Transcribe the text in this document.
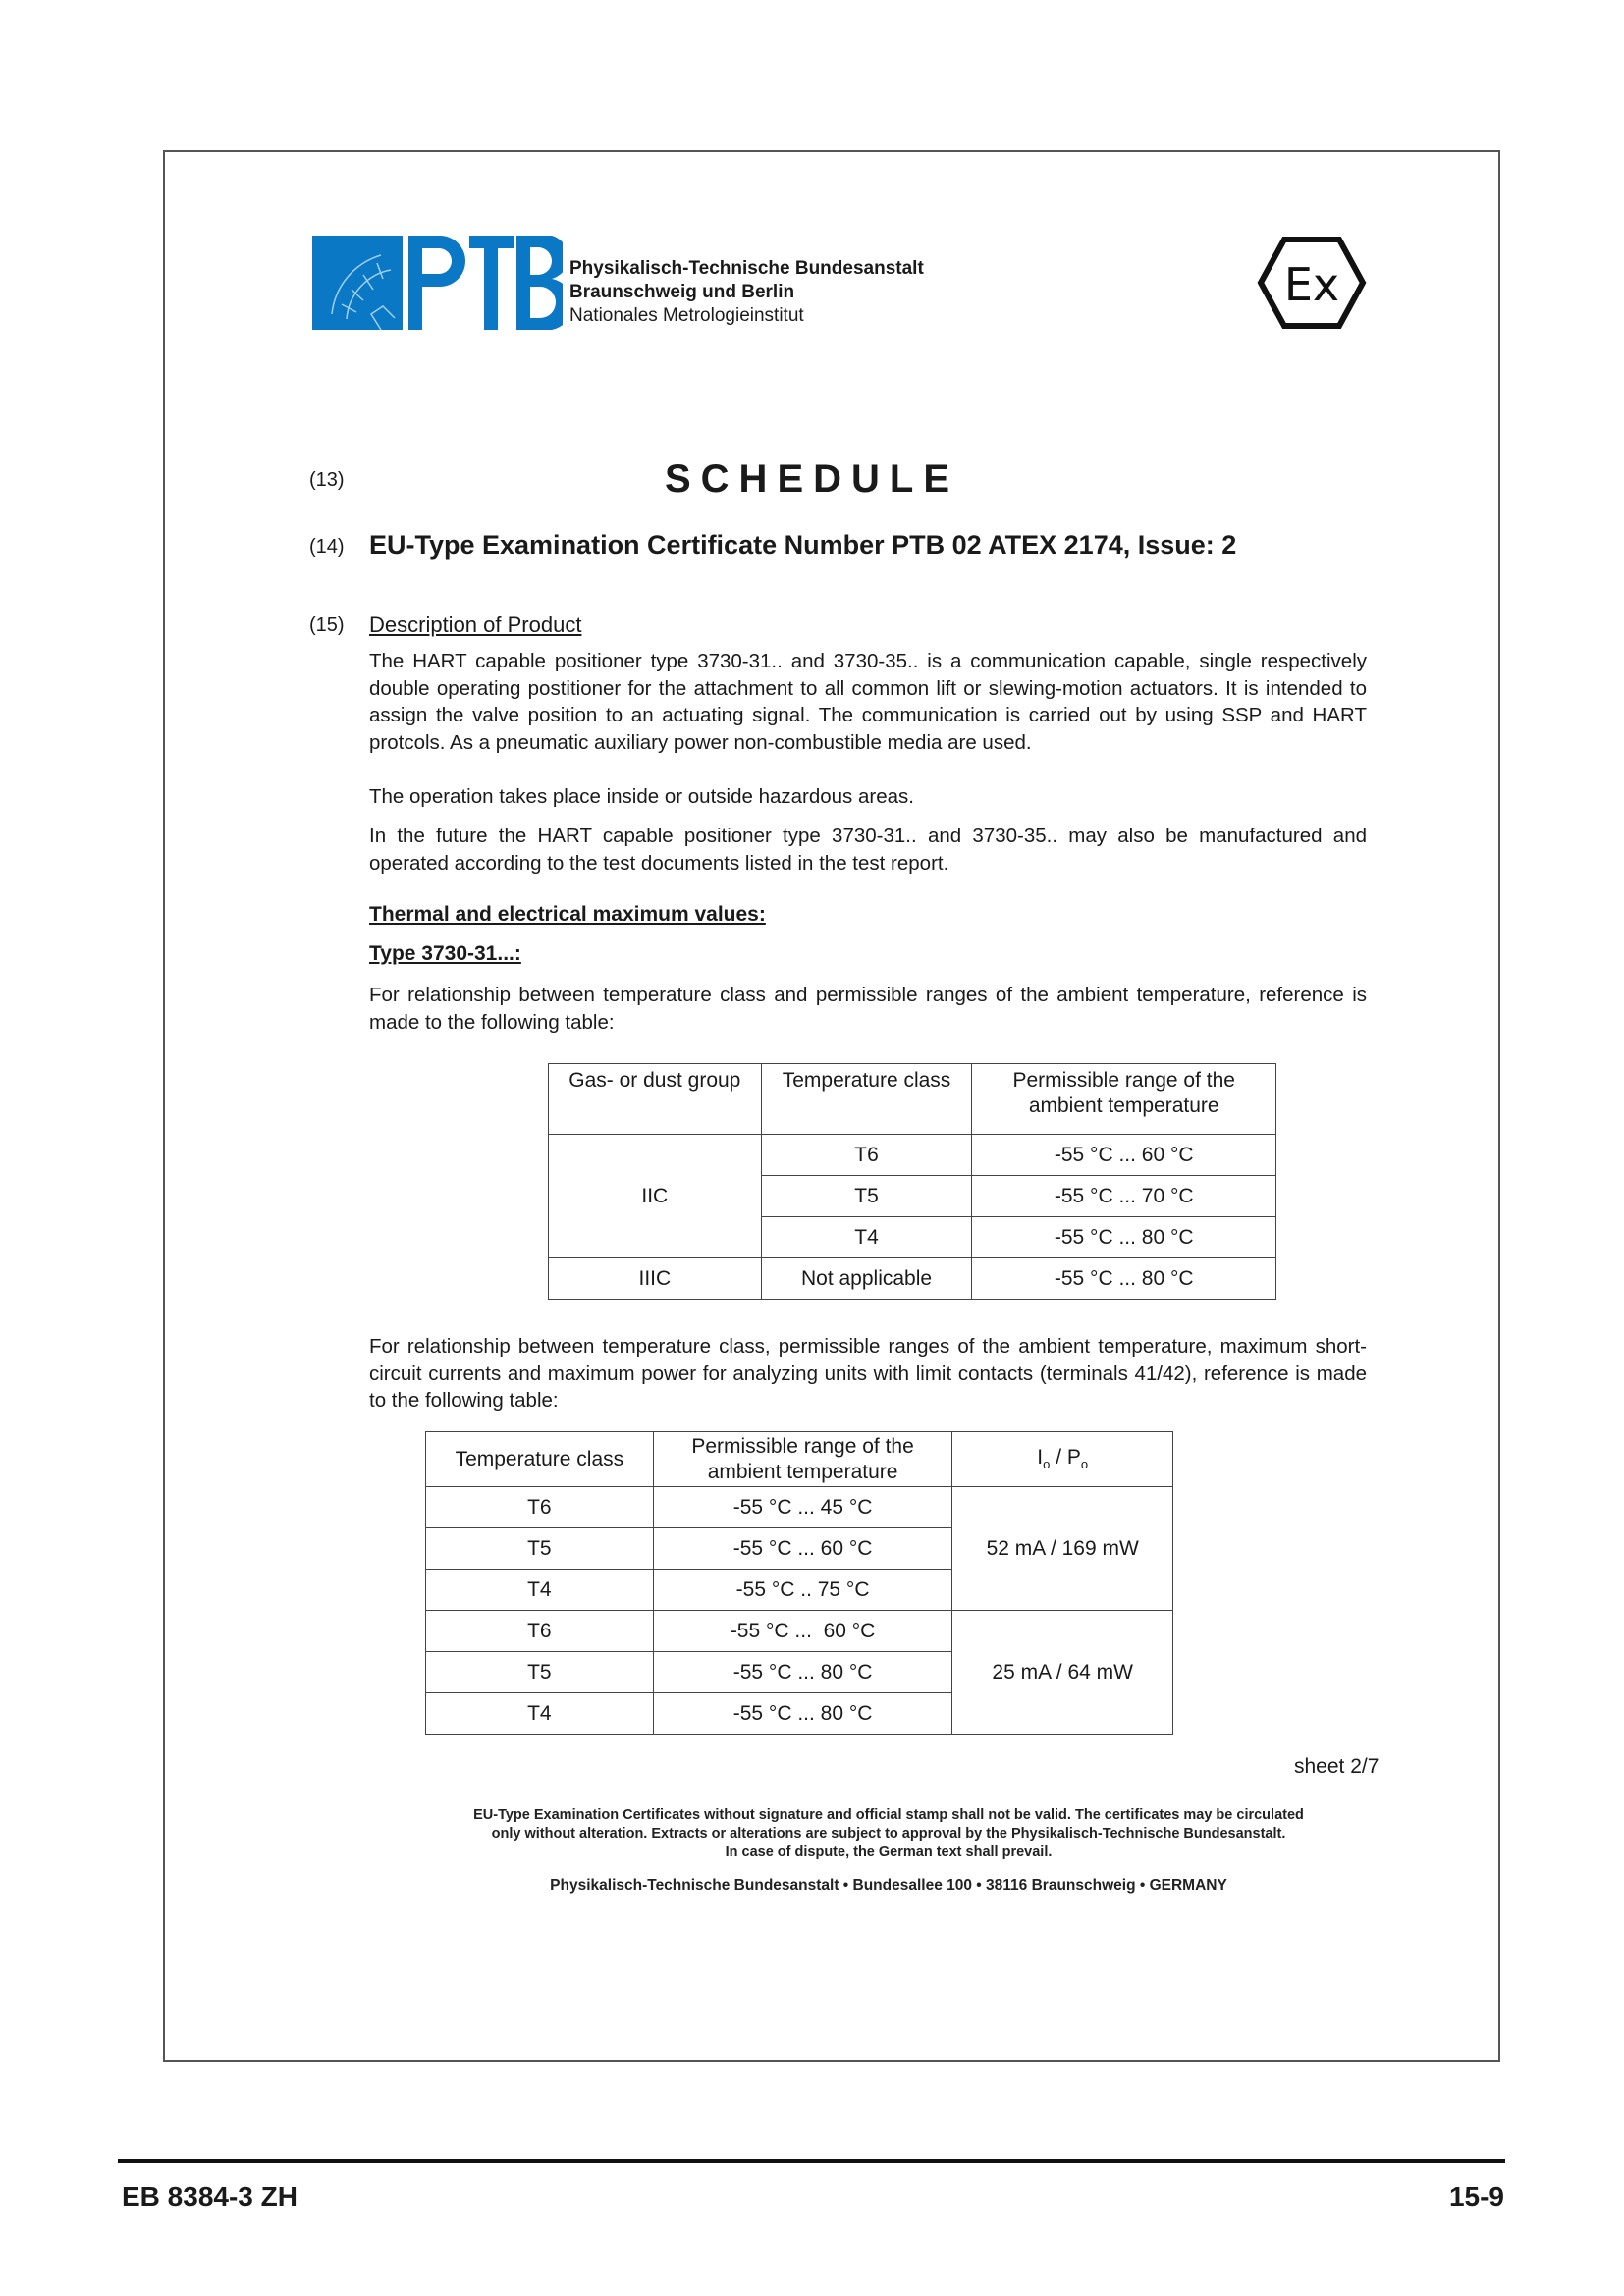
Physikalisch-Technische Bundesanstalt
Braunschweig und Berlin
Nationales Metrologieinstitut
Ex
(13)	SCHEDULE
(14) EU-Type Examination Certificate Number PTB 02 ATEX 2174, Issue: 2
(15) Description of Product
The HART capable positioner type 3730-31.. and 3730-35.. is a communication capable, single respectively double operating postitioner for the attachment to all common lift or slewing-motion actuators. It is intended to assign the valve position to an actuating signal. The communication is carried out by using SSP and HART protcols. As a pneumatic auxiliary power non-combustible media are used.
The operation takes place inside or outside hazardous areas.
In the future the HART capable positioner type 3730-31.. and 3730-35.. may also be manufactured and operated according to the test documents listed in the test report.
Thermal and electrical maximum values:
Type 3730-31...:
For relationship between temperature class and permissible ranges of the ambient temperature, reference is made to the following table:
Gas- or dust group	Temperature class	Permissible range of the ambient temperature
IIC	T6	-55 °C ... 60 °C
	T5	-55 °C ... 70 °C
	T4	-55 °C ... 80 °C
IIIC	Not applicable	-55 °C ... 80 °C
For relationship between temperature class, permissible ranges of the ambient temperature, maximum short-circuit currents and maximum power for analyzing units with limit contacts (terminals 41/42), reference is made to the following table:
Temperature class	Permissible range of the ambient temperature	$I_o / P_o$
T6	-55 °C ... 45 °C	52 mA / 169 mW
T5	-55 °C ... 60 °C	
T4	-55 °C .. 75 °C	
T6	-55 °C ...  60 °C	25 mA / 64 mW
T5	-55 °C ... 80 °C	
T4	-55 °C ... 80 °C	
sheet 2/7
EU-Type Examination Certificates without signature and official stamp shall not be valid. The certificates may be circulated
only without alteration. Extracts or alterations are subject to approval by the Physikalisch-Technische Bundesanstalt.
In case of dispute, the German text shall prevail.
Physikalisch-Technische Bundesanstalt • Bundesallee 100 • 38116 Braunschweig • GERMANY
EB 8384-3 ZH	15-9
